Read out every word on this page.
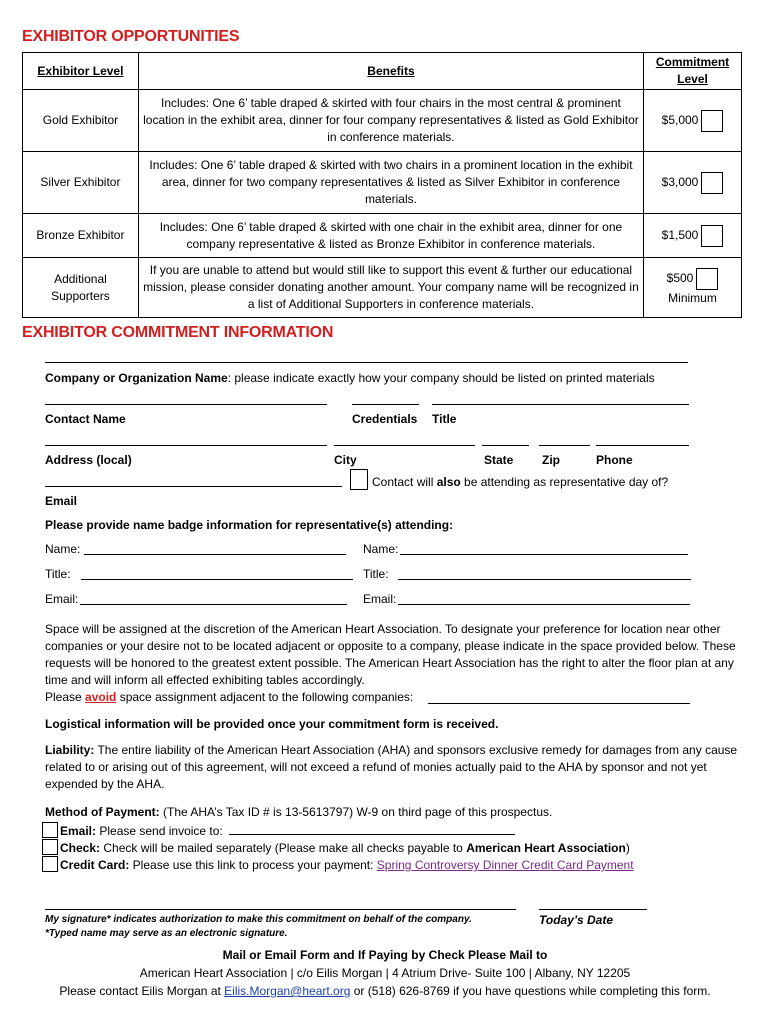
EXHIBITOR OPPORTUNITIES
Exhibitor Level	Benefits	Commitment Level
Gold Exhibitor	Includes: One 6’ table draped & skirted with four chairs in the most central & prominent location in the exhibit area, dinner for four company representatives & listed as Gold Exhibitor in conference materials.	$5,000
Silver Exhibitor	Includes: One 6’ table draped & skirted with two chairs in a prominent location in the exhibit area, dinner for two company representatives & listed as Silver Exhibitor in conference materials.	$3,000
Bronze Exhibitor	Includes: One 6’ table draped & skirted with one chair in the exhibit area, dinner for one company representative & listed as Bronze Exhibitor in conference materials.	$1,500
Additional Supporters	If you are unable to attend but would still like to support this event & further our educational mission, please consider donating another amount. Your company name will be recognized in a list of Additional Supporters in conference materials.	$500
Minimum
EXHIBITOR COMMITMENT INFORMATION
Company or Organization Name: please indicate exactly how your company should be listed on printed materials
Contact Name	Credentials Title
Address (local)	City	State Zip	Phone
Contact will also be attending as representative day of?
Email
Please provide name badge information for representative(s) attending:
Name:	Name:
Title:	Title:
Email:	Email:
Space will be assigned at the discretion of the American Heart Association. To designate your preference for location near other companies or your desire not to be located adjacent or opposite to a company, please indicate in the space provided below. These requests will be honored to the greatest extent possible. The American Heart Association has the right to alter the floor plan at any time and will inform all effected exhibiting tables accordingly.
Please avoid space assignment adjacent to the following companies:
Logistical information will be provided once your commitment form is received.
Liability: The entire liability of the American Heart Association (AHA) and sponsors exclusive remedy for damages from any cause related to or arising out of this agreement, will not exceed a refund of monies actually paid to the AHA by sponsor and not yet expended by the AHA.
Method of Payment: (The AHA’s Tax ID # is 13-5613797) W-9 on third page of this prospectus.
Email: Please send invoice to:
Check: Check will be mailed separately (Please make all checks payable to American Heart Association)
Credit Card: Please use this link to process your payment: Spring Controversy Dinner Credit Card Payment
My signature* indicates authorization to make this commitment on behalf of the company.
*Typed name may serve as an electronic signature.
Today’s Date
Mail or Email Form and If Paying by Check Please Mail to
American Heart Association | c/o Eilis Morgan | 4 Atrium Drive- Suite 100 | Albany, NY 12205
Please contact Eilis Morgan at Eilis.Morgan@heart.org or (518) 626-8769 if you have questions while completing this form.
